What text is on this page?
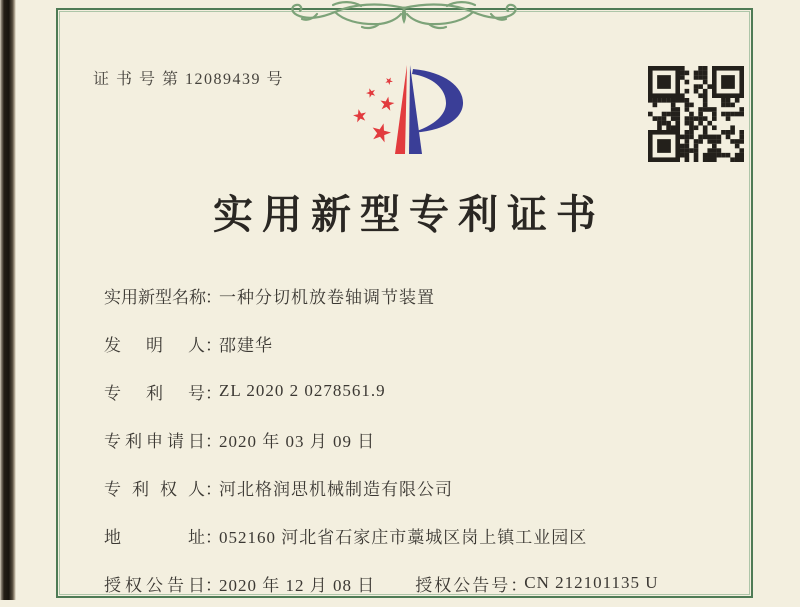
证 书 号 第 12089439 号
实用新型专利证书
实用新型名称 ：
一种分切机放卷轴调节装置
发明人 ：
邵建华
专利号 ：
ZL 2020 2 0278561.9
专利申请日 ：
2020 年 03 月 09 日
专利权人 ：
河北格润思机械制造有限公司
地址 ：
052160 河北省石家庄市藁城区岗上镇工业园区
授权公告日 ：
2020 年 12 月 08 日 授权公告号 ：
CN 212101135 U
